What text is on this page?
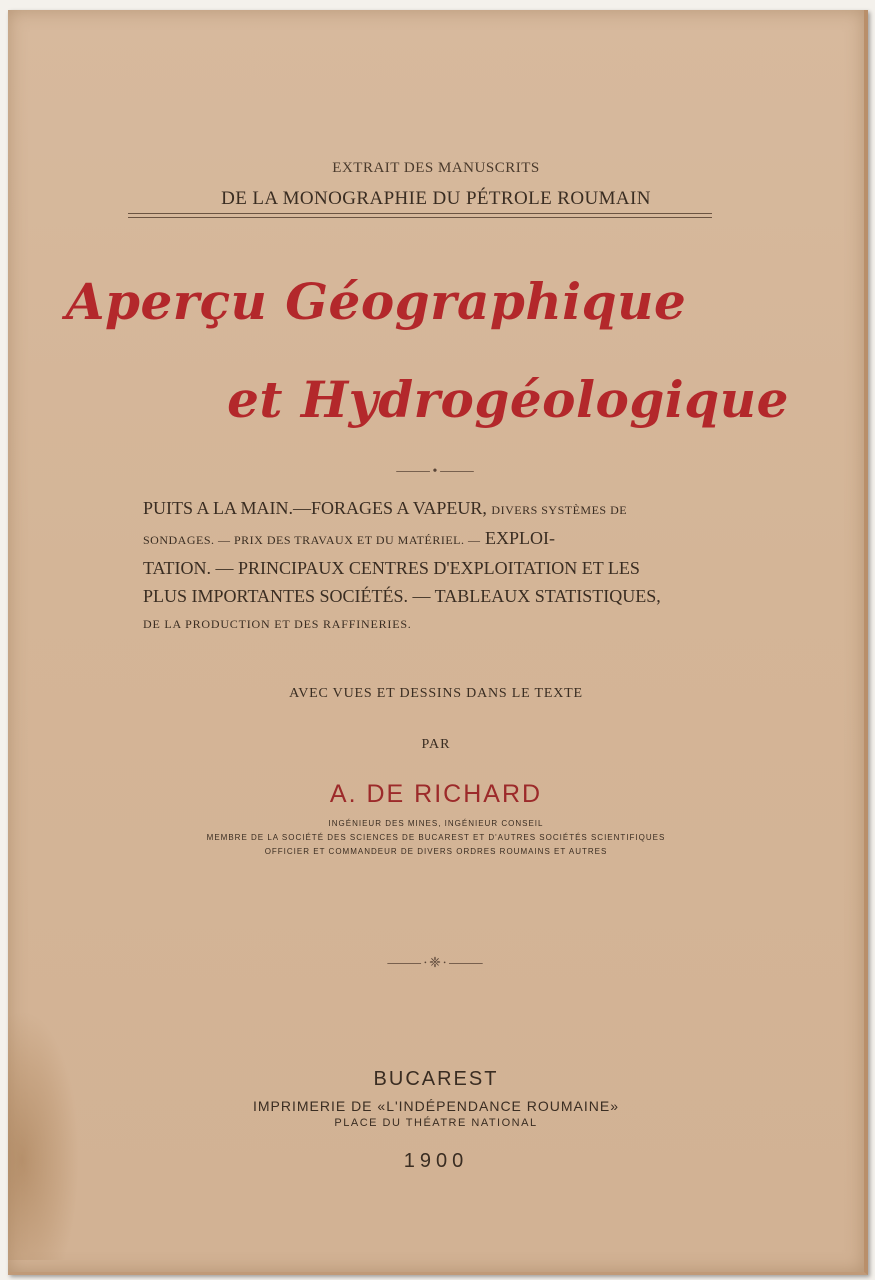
EXTRAIT DES MANUSCRITS
DE LA MONOGRAPHIE DU PÉTROLE ROUMAIN
Aperçu Géographique
et Hydrogéologique
⸻•⸻
PUITS A LA MAIN.—FORAGES A VAPEUR, DIVERS SYSTÈMES DE
SONDAGES. — PRIX DES TRAVAUX ET DU MATÉRIEL. — EXPLOI-
TATION. — PRINCIPAUX CENTRES D'EXPLOITATION ET LES
PLUS IMPORTANTES SOCIÉTÉS. — TABLEAUX STATISTIQUES,
DE LA PRODUCTION ET DES RAFFINERIES.
AVEC VUES ET DESSINS DANS LE TEXTE
PAR
A. DE RICHARD
INGÉNIEUR DES MINES, INGÉNIEUR CONSEIL
MEMBRE DE LA SOCIÉTÉ DES SCIENCES DE BUCAREST ET D'AUTRES SOCIÉTÉS SCIENTIFIQUES
OFFICIER ET COMMANDEUR DE DIVERS ORDRES ROUMAINS ET AUTRES
⸻∙❈∙⸻
BUCAREST
IMPRIMERIE DE «L'INDÉPENDANCE ROUMAINE»
PLACE DU THÉATRE NATIONAL
1900
